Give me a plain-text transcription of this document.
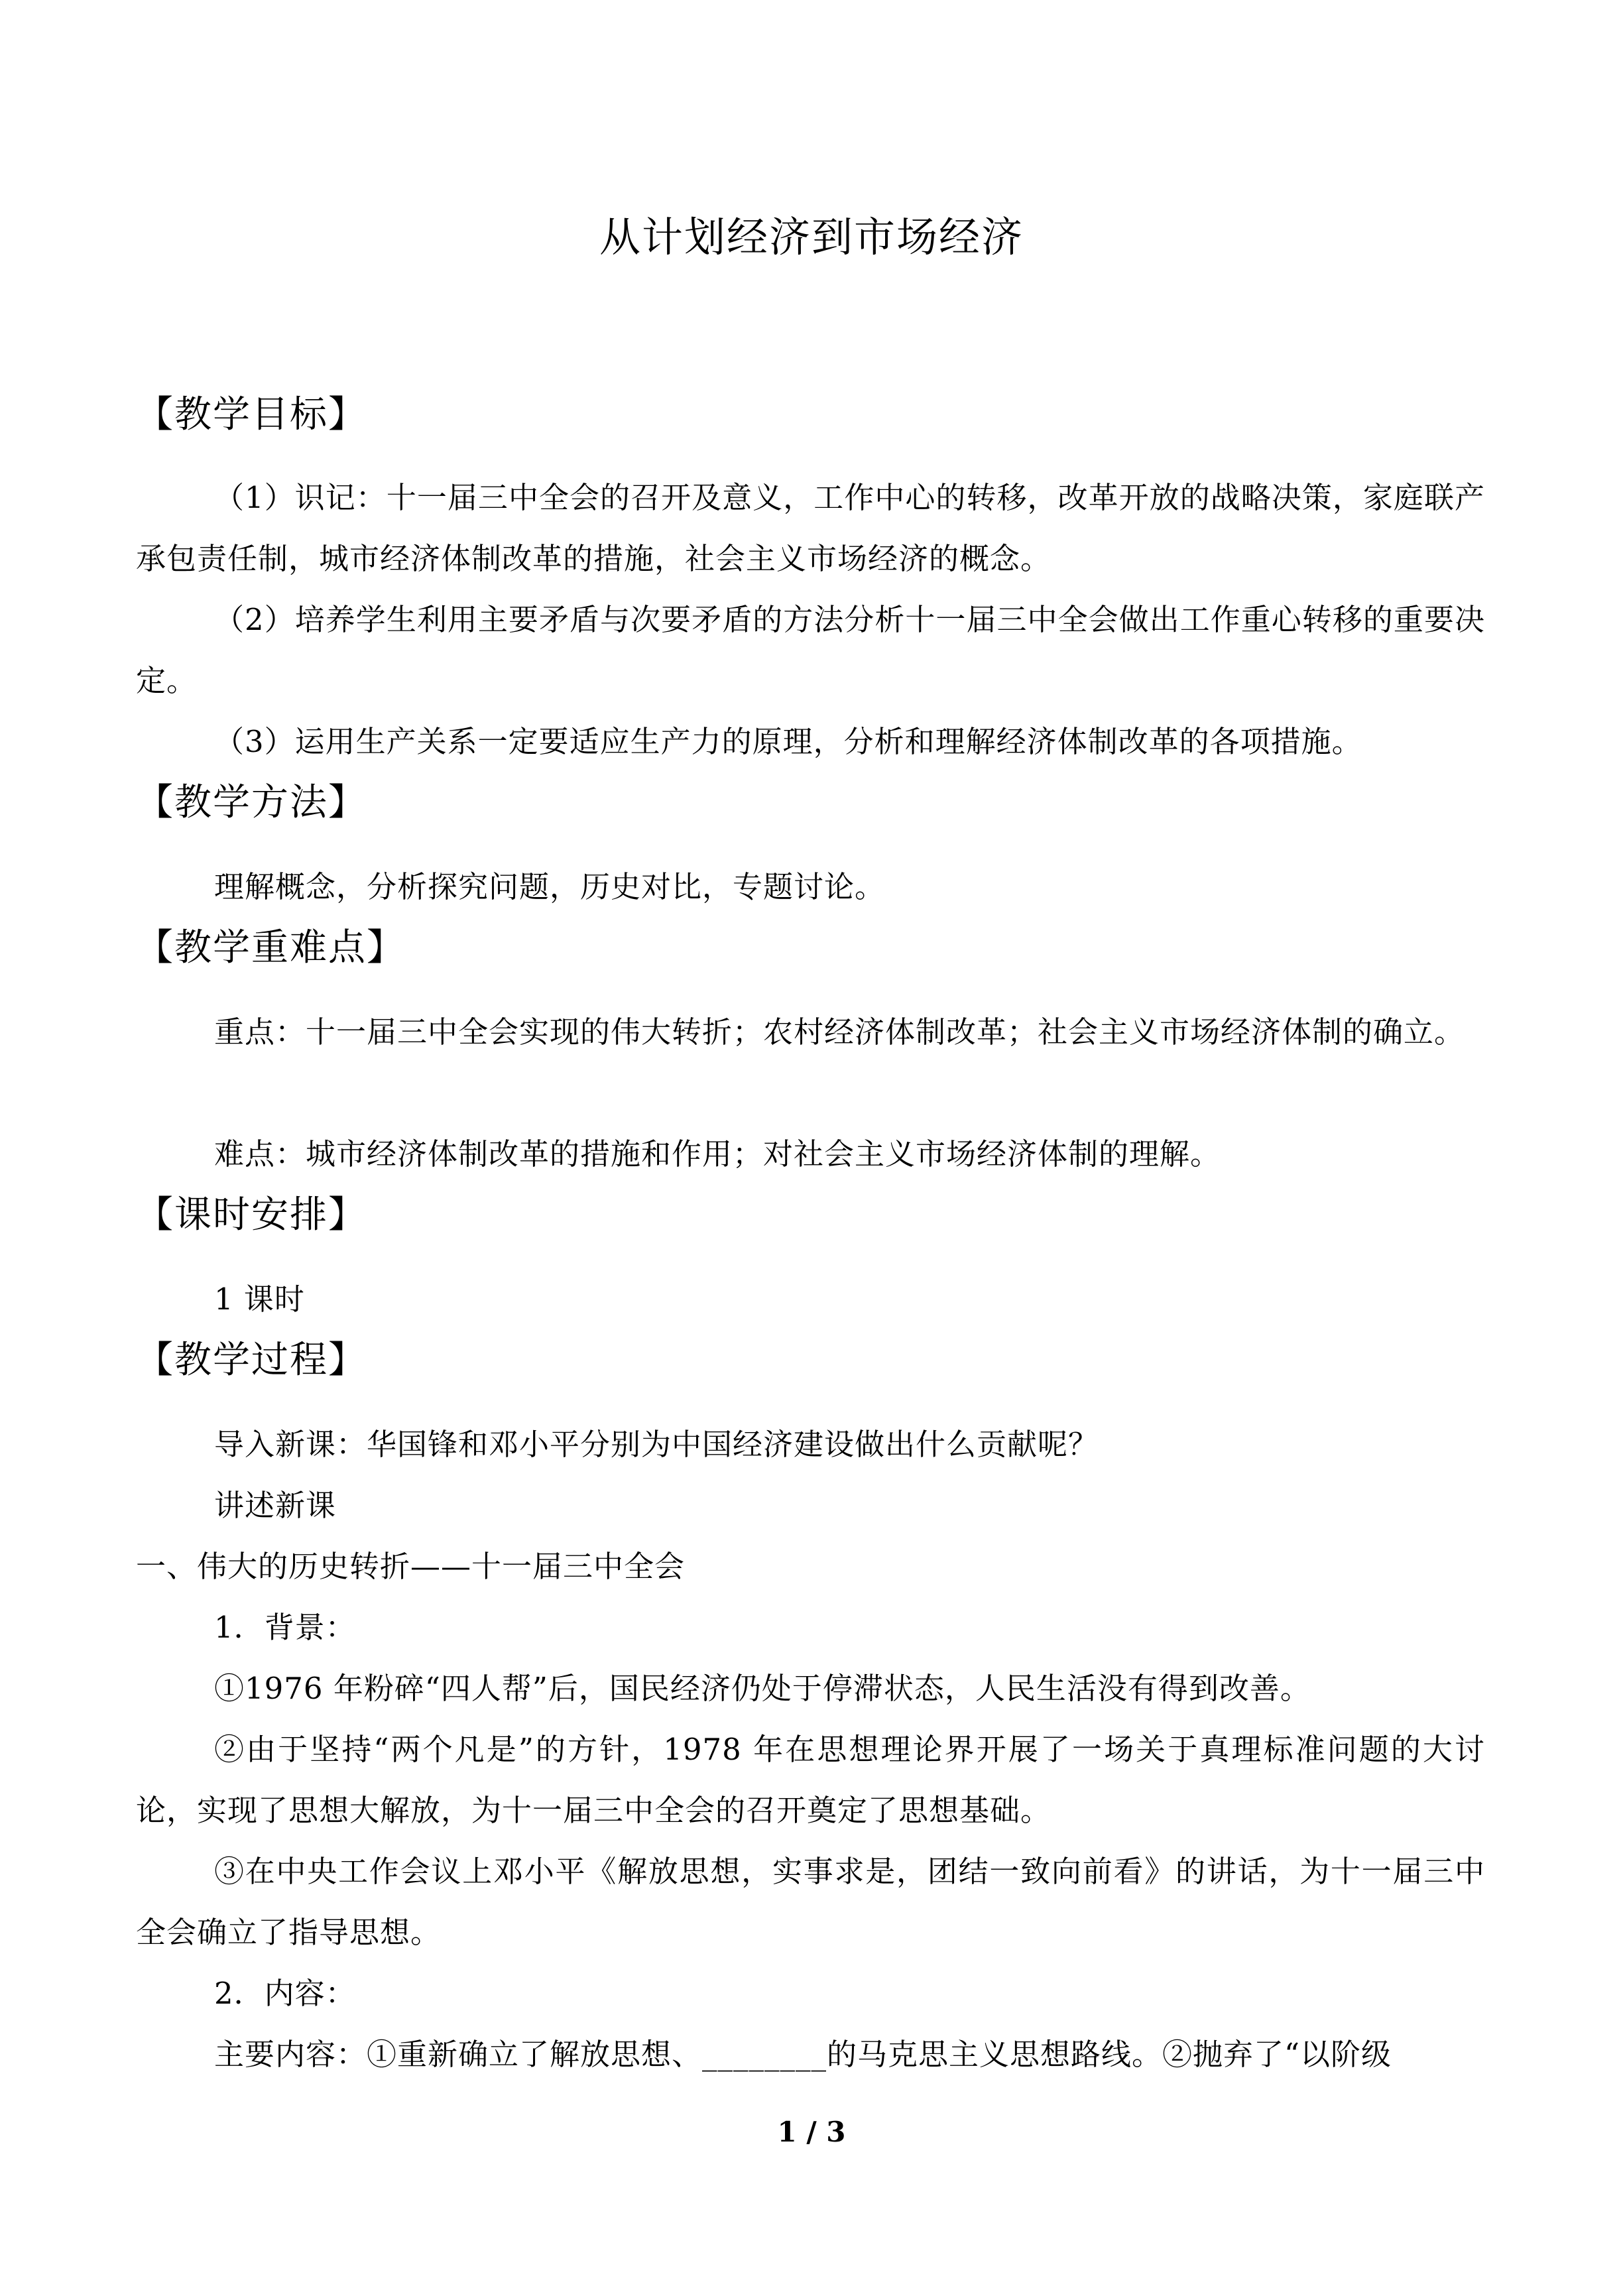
从计划经济到市场经济
【教学目标】
（1）识记：十一届三中全会的召开及意义，工作中心的转移，改革开放的战略决策，家庭联产承包责任制，城市经济体制改革的措施，社会主义市场经济的概念。
（2）培养学生利用主要矛盾与次要矛盾的方法分析十一届三中全会做出工作重心转移的重要决定。
（3）运用生产关系一定要适应生产力的原理，分析和理解经济体制改革的各项措施。
【教学方法】
理解概念，分析探究问题，历史对比，专题讨论。
【教学重难点】
重点：十一届三中全会实现的伟大转折；农村经济体制改革；社会主义市场经济体制的确立。
难点：城市经济体制改革的措施和作用；对社会主义市场经济体制的理解。
【课时安排】
1 课时
【教学过程】
导入新课：华国锋和邓小平分别为中国经济建设做出什么贡献呢？
讲述新课
一、伟大的历史转折——十一届三中全会
1．背景：
①1976 年粉碎“四人帮”后，国民经济仍处于停滞状态，人民生活没有得到改善。
②由于坚持“两个凡是”的方针，1978 年在思想理论界开展了一场关于真理标准问题的大讨论，实现了思想大解放，为十一届三中全会的召开奠定了思想基础。
③在中央工作会议上邓小平《解放思想，实事求是，团结一致向前看》的讲话，为十一届三中全会确立了指导思想。
2．内容：
主要内容：①重新确立了解放思想、________的马克思主义思想路线。②抛弃了“以阶级
1 / 3
